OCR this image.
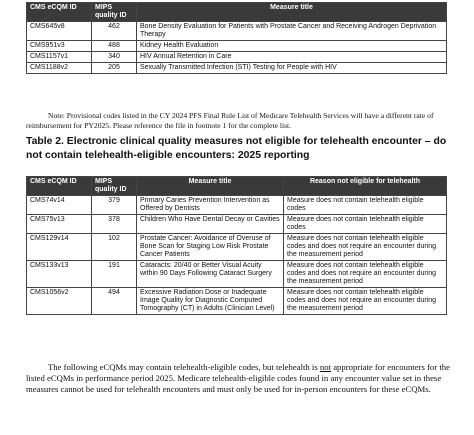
CMS eCQM ID	MIPS quality ID	Measure title
CMS645v8	462	Bone Density Evaluation for Patients with Prostate Cancer and Receiving Androgen Deprivation Therapy
CMS951v3	488	Kidney Health Evaluation
CMS1157v1	340	HIV Annual Retention in Care
CMS1188v2	205	Sexually Transmitted Infection (STI) Testing for People with HIV

Note: Provisional codes listed in the CY 2024 PFS Final Rule List of Medicare Telehealth Services will have a different rate of reimbursement for PY2025. Please reference the file in footnote 1 for the complete list.

Table 2. Electronic clinical quality measures not eligible for telehealth encounter – do not contain telehealth-eligible encounters: 2025 reporting
CMS eCQM ID	MIPS quality ID	Measure title	Reason not eligible for telehealth
CMS74v14	379	Primary Caries Prevention Intervention as Offered by Dentists	Measure does not contain telehealth eligible codes
CMS75v13	378	Children Who Have Dental Decay or Cavities	Measure does not contain telehealth eligible codes
CMS129v14	102	Prostate Cancer: Avoidance of Overuse of Bone Scan for Staging Low Risk Prostate Cancer Patients	Measure does not contain telehealth eligible codes and does not require an encounter during the measurement period
CMS133v13	191	Cataracts: 20/40 or Better Visual Acuity within 90 Days Following Cataract Surgery	Measure does not contain telehealth eligible codes and does not require an encounter during the measurement period
CMS1056v2	494	Excessive Radiation Dose or Inadequate Image Quality for Diagnostic Computed Tomography (CT) in Adults (Clinician Level)	Measure does not contain telehealth eligible codes and does not require an encounter during the measurement period

The following eCQMs may contain telehealth-eligible codes, but telehealth is not appropriate for encounters for the listed eCQMs in performance period 2025. Medicare telehealth-eligible codes found in any encounter value set in these measures cannot be used for telehealth encounters and must only be used for in-person encounters for these eCQMs.
